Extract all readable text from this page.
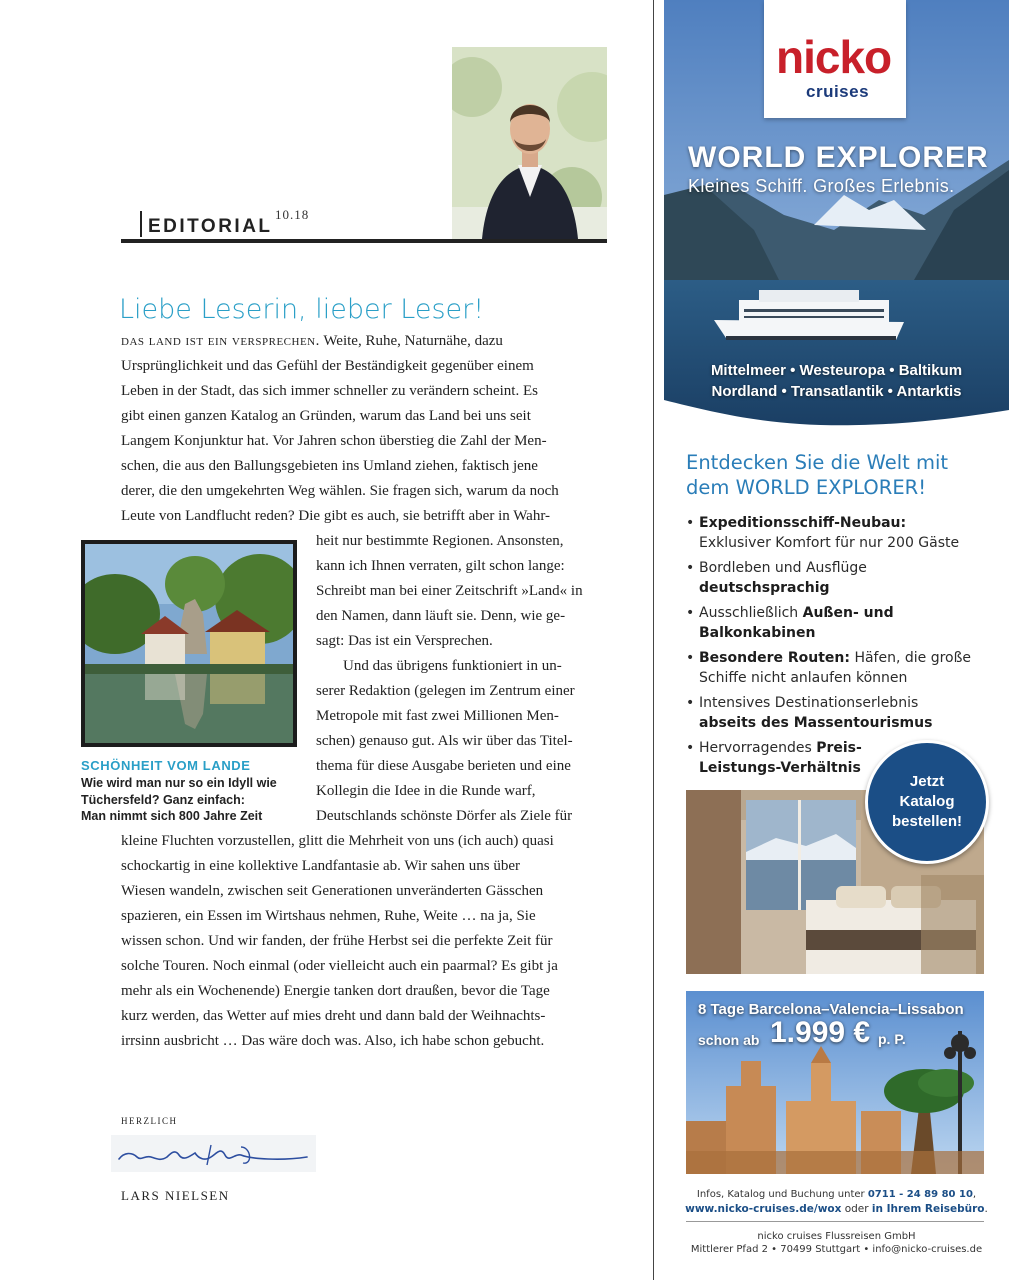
EDITORIAL
10.18
Liebe Leserin, lieber Leser!
das land ist ein versprechen. Weite, Ruhe, Naturnähe, dazu
Ursprünglichkeit und das Gefühl der Beständigkeit gegenüber einem
Leben in der Stadt, das sich immer schneller zu verändern scheint. Es
gibt einen ganzen Katalog an Gründen, warum das Land bei uns seit
Langem Konjunktur hat. Vor Jahren schon überstieg die Zahl der Men-
schen, die aus den Ballungsgebieten ins Umland ziehen, faktisch jene
derer, die den umgekehrten Weg wählen. Sie fragen sich, warum da noch
Leute von Landflucht reden? Die gibt es auch, sie betrifft aber in Wahr-
heit nur bestimmte Regionen. Ansonsten,
kann ich Ihnen verraten, gilt schon lange:
Schreibt man bei einer Zeitschrift »Land« in
den Namen, dann läuft sie. Denn, wie ge-
sagt: Das ist ein Versprechen.
Und das übrigens funktioniert in un-
serer Redaktion (gelegen im Zentrum einer
Metropole mit fast zwei Millionen Men-
schen) genauso gut. Als wir über das Titel-
thema für diese Ausgabe berieten und eine
Kollegin die Idee in die Runde warf,
Deutschlands schönste Dörfer als Ziele für
SCHÖNHEIT VOM LANDE
Wie wird man nur so ein Idyll wie
Tüchersfeld? Ganz einfach:
Man nimmt sich 800 Jahre Zeit
kleine Fluchten vorzustellen, glitt die Mehrheit von uns (ich auch) quasi
schockartig in eine kollektive Landfantasie ab. Wir sahen uns über
Wiesen wandeln, zwischen seit Generationen unveränderten Gässchen
spazieren, ein Essen im Wirtshaus nehmen, Ruhe, Weite … na ja, Sie
wissen schon. Und wir fanden, der frühe Herbst sei die perfekte Zeit für
solche Touren. Noch einmal (oder vielleicht auch ein paarmal? Es gibt ja
mehr als ein Wochenende) Energie tanken dort draußen, bevor die Tage
kurz werden, das Wetter auf mies dreht und dann bald der Weihnachts-
irrsinn ausbricht … Das wäre doch was. Also, ich habe schon gebucht.
herzlich
LARS NIELSEN
nicko
cruises
WORLD EXPLORER
Kleines Schiff. Großes Erlebnis.
Mittelmeer • Westeuropa • Baltikum
Nordland • Transatlantik • Antarktis
Entdecken Sie die Welt mit
dem WORLD EXPLORER!
• Expeditionsschiff-Neubau:
Exklusiver Komfort für nur 200 Gäste
• Bordleben und Ausflüge
deutschsprachig
• Ausschließlich Außen- und
Balkonkabinen
• Besondere Routen: Häfen, die große
Schiffe nicht anlaufen können
• Intensives Destinationserlebnis
abseits des Massentourismus
• Hervorragendes Preis-
Leistungs-Verhältnis
Jetzt
Katalog
bestellen!
8 Tage Barcelona–Valencia–Lissabon
schon ab 1.999 € p. P.
Infos, Katalog und Buchung unter 0711 - 24 89 80 10,
www.nicko-cruises.de/wox oder in Ihrem Reisebüro.
nicko cruises Flussreisen GmbH
Mittlerer Pfad 2 • 70499 Stuttgart • info@nicko-cruises.de
